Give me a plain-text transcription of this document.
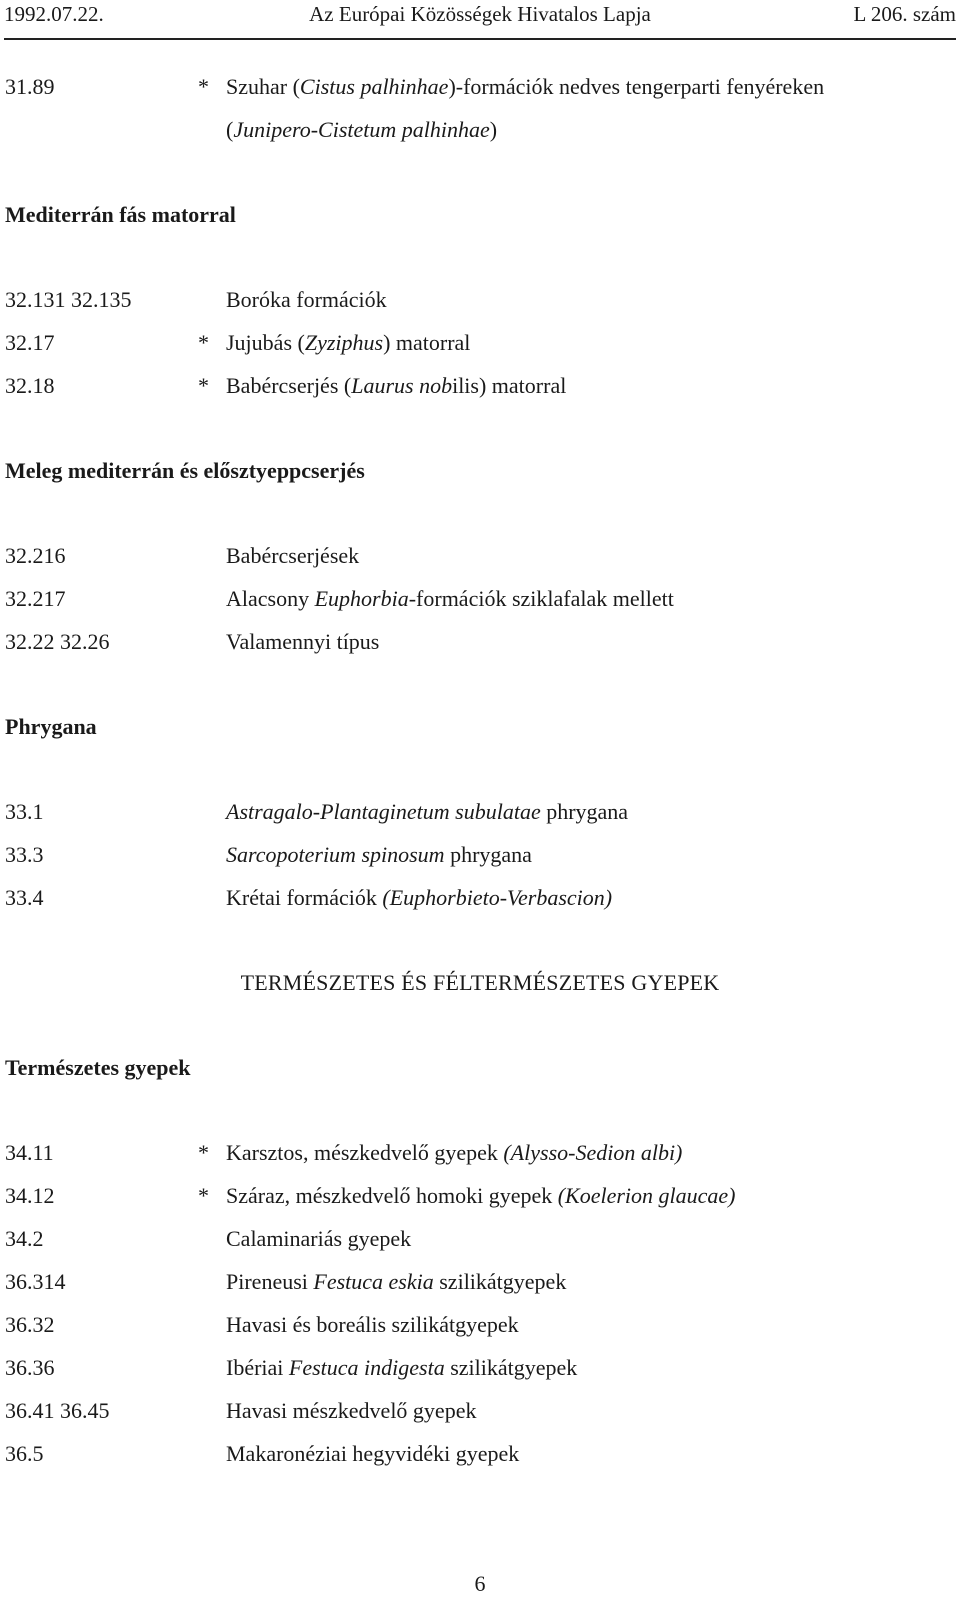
1992.07.22.	Az Európai Közösségek Hivatalos Lapja	L 206. szám
31.89	* Szuhar (Cistus palhinhae)-formációk nedves tengerparti fenyéreken
(Junipero-Cistetum palhinhae)
Mediterrán fás matorral
32.131 32.135	Boróka formációk
32.17	* Jujubás (Zyziphus) matorral
32.18	* Babércserjés (Laurus nobilis) matorral
Meleg mediterrán és elősztyeppcserjés
32.216	Babércserjések
32.217	Alacsony Euphorbia-formációk sziklafalak mellett
32.22 32.26	Valamennyi típus
Phrygana
33.1	Astragalo-Plantaginetum subulatae phrygana
33.3	Sarcopoterium spinosum phrygana
33.4	Krétai formációk (Euphorbieto-Verbascion)
TERMÉSZETES ÉS FÉLTERMÉSZETES GYEPEK
Természetes gyepek
34.11	* Karsztos, mészkedvelő gyepek (Alysso-Sedion albi)
34.12	* Száraz, mészkedvelő homoki gyepek (Koelerion glaucae)
34.2	Calaminariás gyepek
36.314	Pireneusi Festuca eskia szilikátgyepek
36.32	Havasi és boreális szilikátgyepek
36.36	Ibériai Festuca indigesta szilikátgyepek
36.41 36.45	Havasi mészkedvelő gyepek
36.5	Makaronéziai hegyvidéki gyepek
6
